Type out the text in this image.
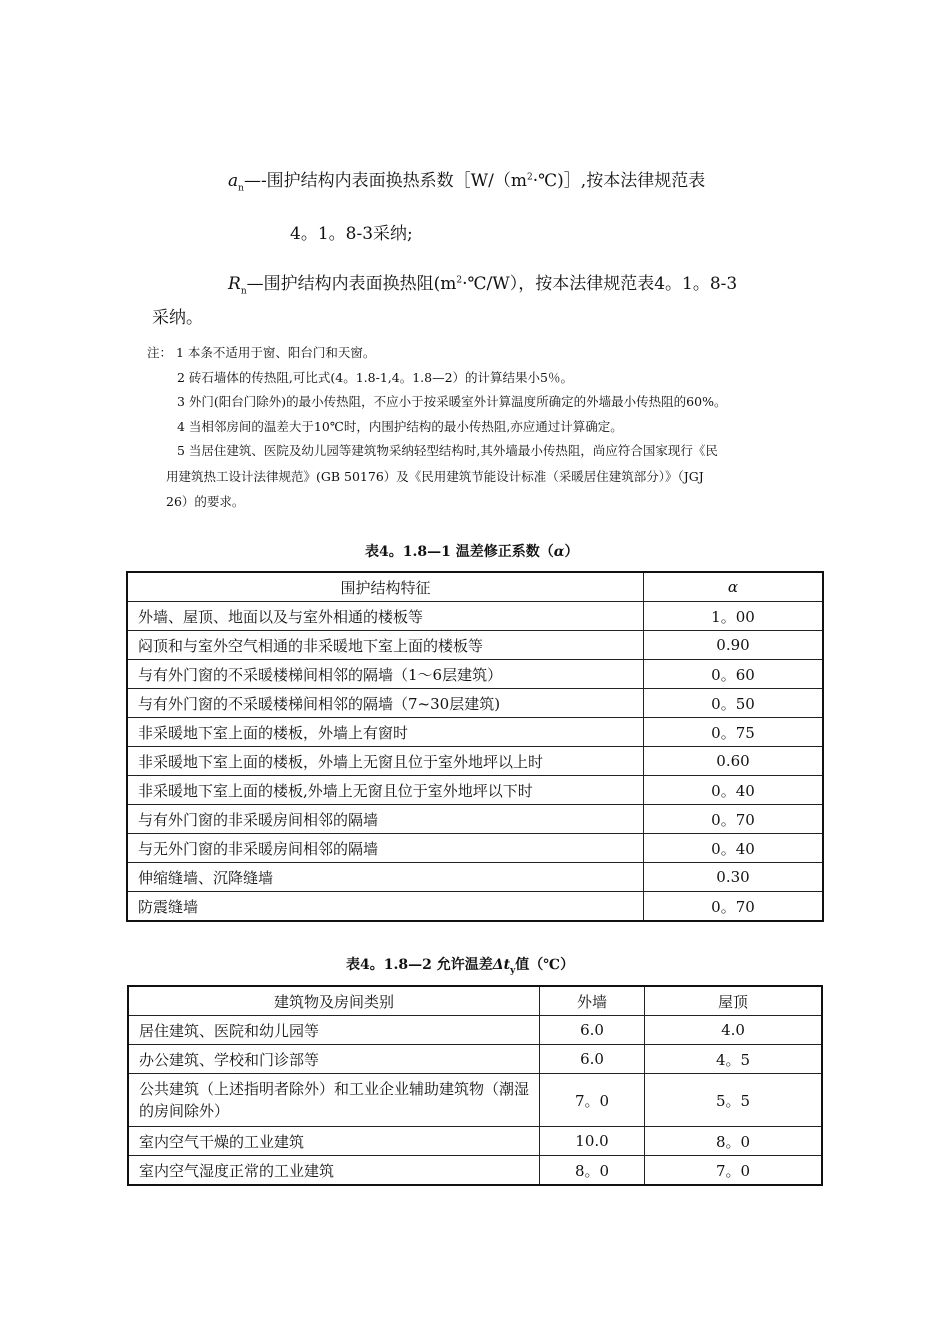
$a_n—-$围护结构内表面换热系数$[W/(m^2\cdot℃)]$,按本法律规范表
4。1。8-3采纳;
$R_n—$围护结构内表面换热阻$(m^2\cdot℃/W)$，按本法律规范表4。1。8-3
采纳。
注： 1 本条不适用于窗、阳台门和天窗。
2 砖石墙体的传热阻,可比式(4。1.8-1,4。1.8—2）的计算结果小5％。
3 外门(阳台门除外)的最小传热阻，不应小于按采暖室外计算温度所确定的外墙最小传热阻的60%。
4 当相邻房间的温差大于10℃时，内围护结构的最小传热阻,亦应通过计算确定。
5 当居住建筑、医院及幼儿园等建筑物采纳轻型结构时,其外墙最小传热阻，尚应符合国家现行《民
用建筑热工设计法律规范》(GB 50176）及《民用建筑节能设计标准（采暖居住建筑部分）》（JGJ
26）的要求。
表4。1.8—1 温差修正系数（α）
围护结构特征	α
外墙、屋顶、地面以及与室外相通的楼板等	1。00
闷顶和与室外空气相通的非采暖地下室上面的楼板等	0.90
与有外门窗的不采暖楼梯间相邻的隔墙（1～6层建筑）	0。60
与有外门窗的不采暖楼梯间相邻的隔墙（7~30层建筑)	0。50
非采暖地下室上面的楼板，外墙上有窗时	0。75
非采暖地下室上面的楼板，外墙上无窗且位于室外地坪以上时	0.60
非采暖地下室上面的楼板,外墙上无窗且位于室外地坪以下时	0。40
与有外门窗的非采暖房间相邻的隔墙	0。70
与无外门窗的非采暖房间相邻的隔墙	0。40
伸缩缝墙、沉降缝墙	0.30
防震缝墙	0。70
表4。1.8—2 允许温差$\Delta t_y$值（℃）
建筑物及房间类别	外墙	屋顶
居住建筑、医院和幼儿园等	6.0	4.0
办公建筑、学校和门诊部等	6.0	4。5
公共建筑（上述指明者除外）和工业企业辅助建筑物（潮湿的房间除外）	7。0	5。5
室内空气干燥的工业建筑	10.0	8。0
室内空气湿度正常的工业建筑	8。0	7。0
